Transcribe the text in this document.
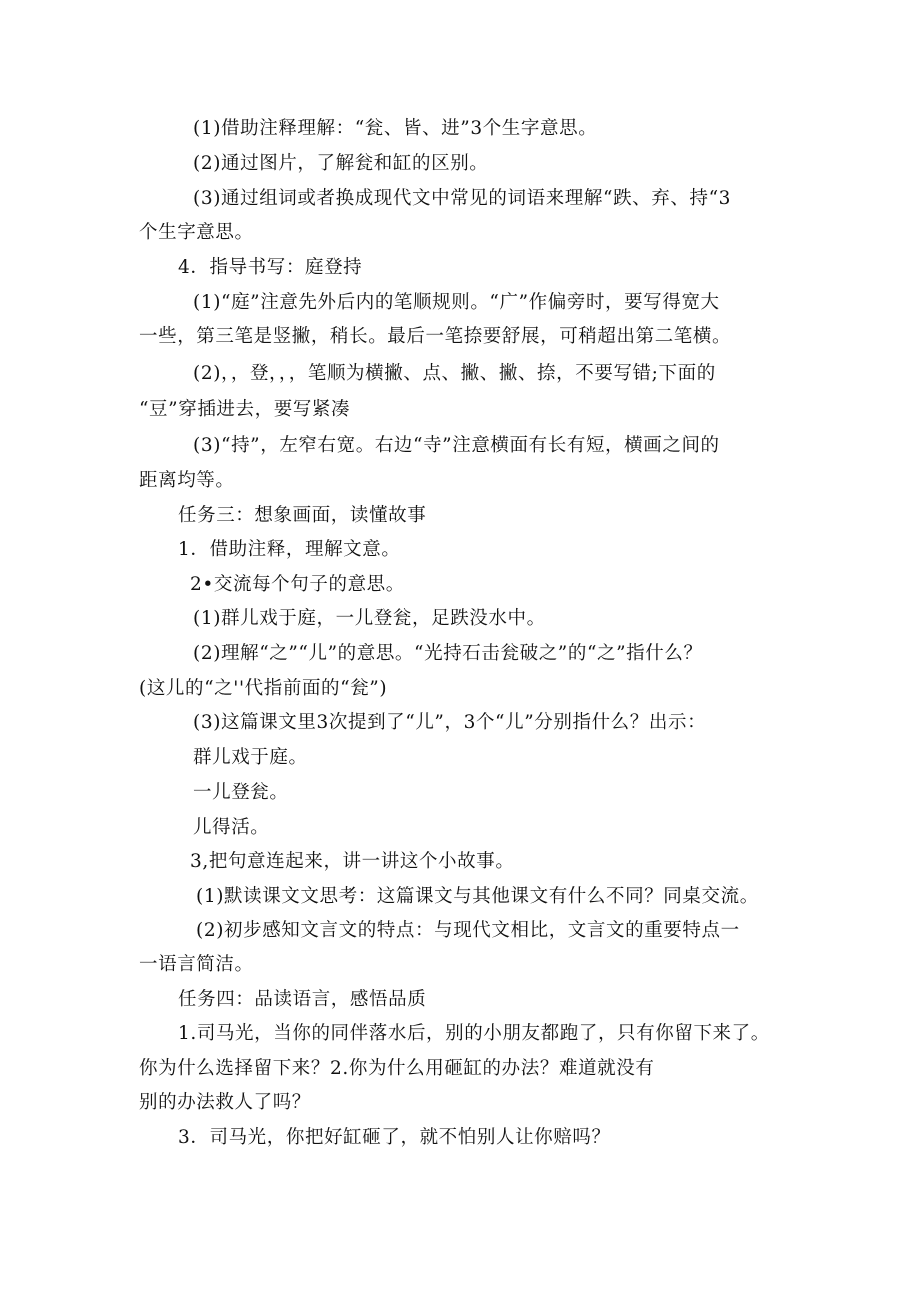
(1)借助注释理解：“瓮、皆、进”3个生字意思。
(2)通过图片，了解瓮和缸的区别。
(3)通过组词或者换成现代文中常见的词语来理解“跌、弃、持“3
个生字意思。
4．指导书写：庭登持
(1)“庭”注意先外后内的笔顺规则。“广”作偏旁时，要写得宽大
一些，第三笔是竖撇，稍长。最后一笔捺要舒展，可稍超出第二笔横。
(2)，，登，，，笔顺为横撇、点、撇、撇、捺，不要写错;下面的
“豆”穿插进去，要写紧凑
(3)“持”，左窄右宽。右边“寺”注意横面有长有短，横画之间的
距离均等。
任务三：想象画面，读懂故事
1．借助注释，理解文意。
2•交流每个句子的意思。
(1)群儿戏于庭，一儿登瓮，足跌没水中。
(2)理解“之”“儿”的意思。“光持石击瓮破之”的“之”指什么？
(这儿的“之''代指前面的“瓮”)
(3)这篇课文里3次提到了“儿”，3个“儿”分别指什么？出示：
群儿戏于庭。
一儿登瓮。
儿得活。
3,把句意连起来，讲一讲这个小故事。
(1)默读课文文思考：这篇课文与其他课文有什么不同？同桌交流。
(2)初步感知文言文的特点：与现代文相比，文言文的重要特点一
一语言简洁。
任务四：品读语言，感悟品质
1.司马光，当你的同伴落水后，别的小朋友都跑了，只有你留下来了。
你为什么选择留下来？2.你为什么用砸缸的办法？难道就没有
别的办法救人了吗？
3．司马光，你把好缸砸了，就不怕别人让你赔吗？
